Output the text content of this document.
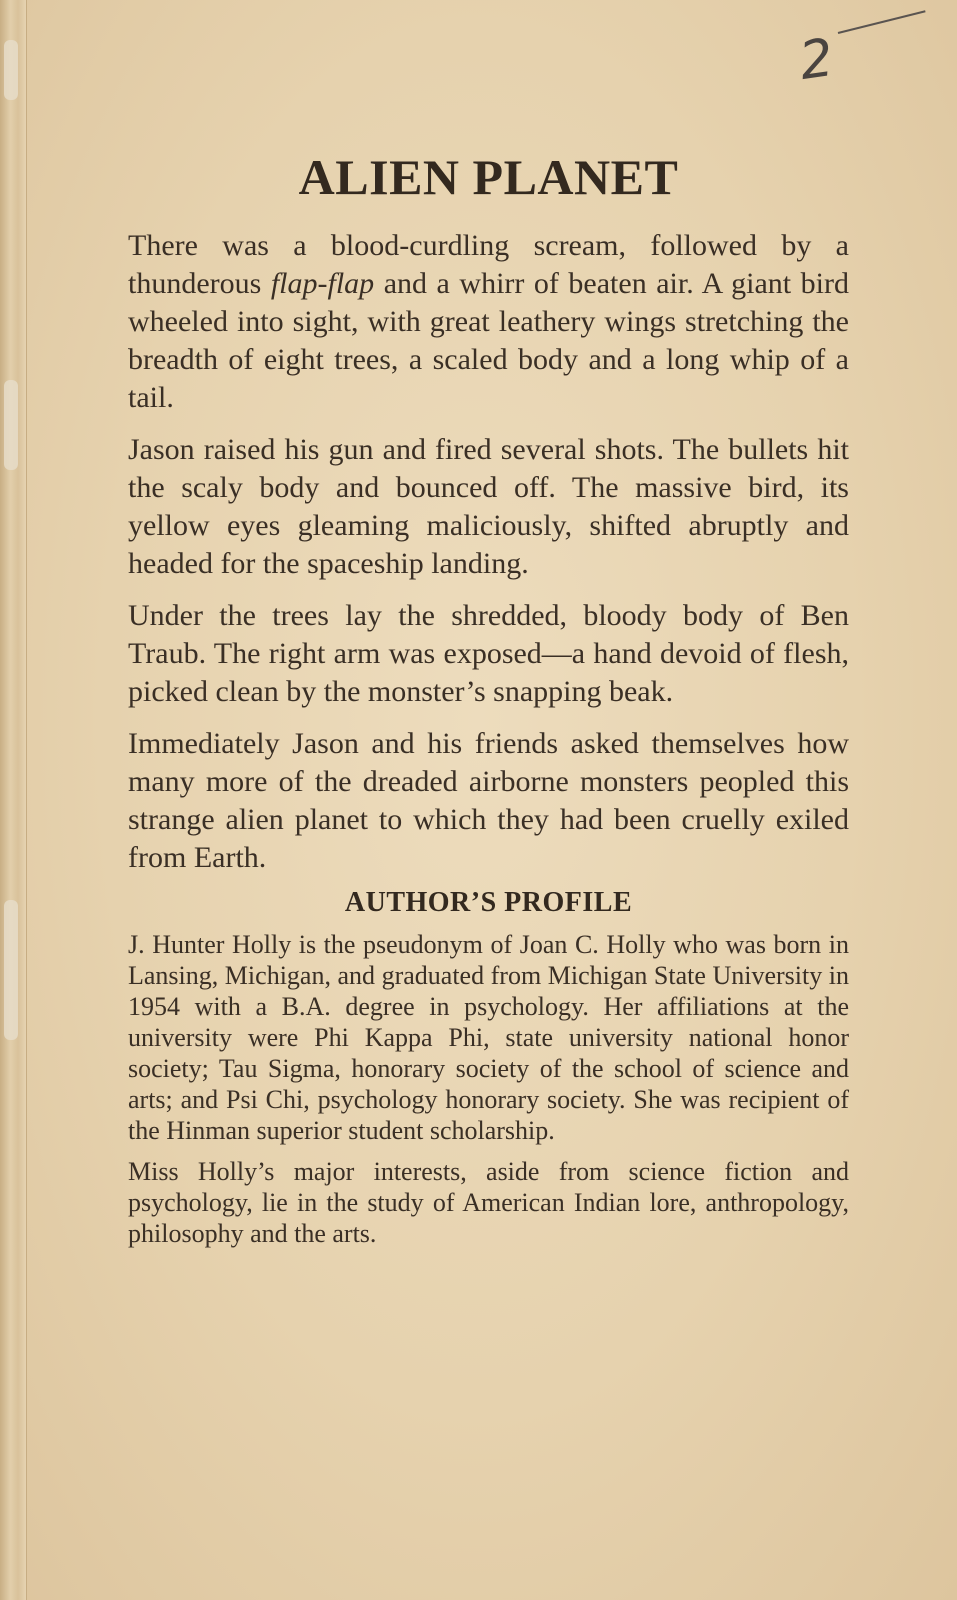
2
ALIEN PLANET

There was a blood-curdling scream, followed by a thunderous flap-flap and a whirr of beaten air. A giant bird wheeled into sight, with great leathery wings stretching the breadth of eight trees, a scaled body and a long whip of a tail.

Jason raised his gun and fired several shots. The bullets hit the scaly body and bounced off. The massive bird, its yellow eyes gleaming maliciously, shifted abruptly and headed for the spaceship landing.

Under the trees lay the shredded, bloody body of Ben Traub. The right arm was exposed—a hand devoid of flesh, picked clean by the monster’s snapping beak.

Immediately Jason and his friends asked themselves how many more of the dreaded airborne monsters peopled this strange alien planet to which they had been cruelly exiled from Earth.

AUTHOR’S PROFILE

J. Hunter Holly is the pseudonym of Joan C. Holly who was born in Lansing, Michigan, and graduated from Michigan State University in 1954 with a B.A. degree in psychology. Her affiliations at the university were Phi Kappa Phi, state university national honor society; Tau Sigma, honorary society of the school of science and arts; and Psi Chi, psychology honorary society. She was recipient of the Hinman superior student scholarship.

Miss Holly’s major interests, aside from science fiction and psychology, lie in the study of American Indian lore, anthropology, philosophy and the arts.
